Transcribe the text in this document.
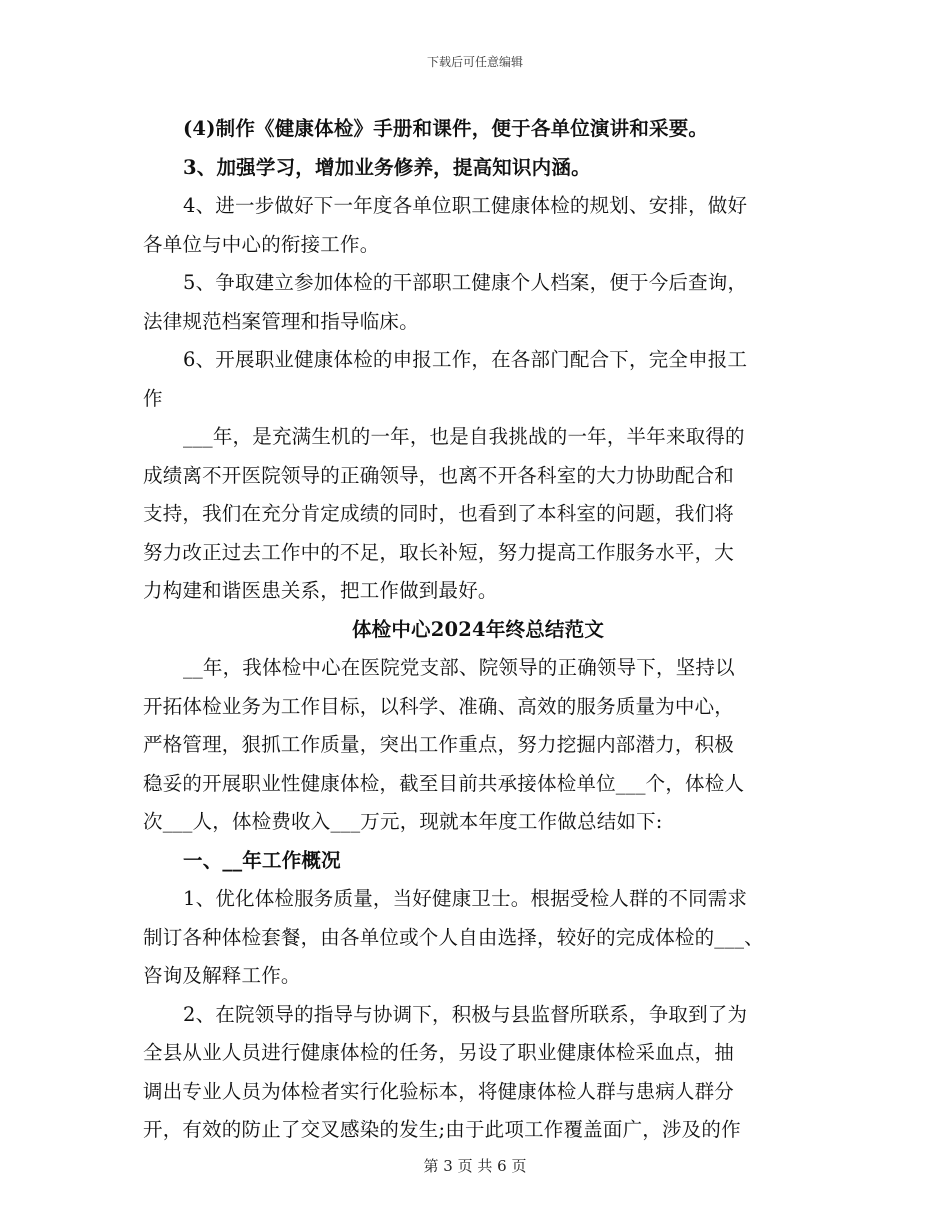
下载后可任意编辑
(4)制作《健康体检》手册和课件，便于各单位演讲和采要。
3、加强学习，增加业务修养，提高知识内涵。
4、进一步做好下一年度各单位职工健康体检的规划、安排，做好
各单位与中心的衔接工作。
5、争取建立参加体检的干部职工健康个人档案，便于今后查询，
法律规范档案管理和指导临床。
6、开展职业健康体检的申报工作，在各部门配合下，完全申报工
作
___年，是充满生机的一年，也是自我挑战的一年，半年来取得的
成绩离不开医院领导的正确领导，也离不开各科室的大力协助配合和
支持，我们在充分肯定成绩的同时，也看到了本科室的问题，我们将
努力改正过去工作中的不足，取长补短，努力提高工作服务水平，大
力构建和谐医患关系，把工作做到最好。
体检中心2024年终总结范文
__年，我体检中心在医院党支部、院领导的正确领导下，坚持以
开拓体检业务为工作目标，以科学、准确、高效的服务质量为中心，
严格管理，狠抓工作质量，突出工作重点，努力挖掘内部潜力，积极
稳妥的开展职业性健康体检，截至目前共承接体检单位___个，体检人
次___人，体检费收入___万元，现就本年度工作做总结如下:
一、__年工作概况
1、优化体检服务质量，当好健康卫士。根据受检人群的不同需求
制订各种体检套餐，由各单位或个人自由选择，较好的完成体检的___、
咨询及解释工作。
2、在院领导的指导与协调下，积极与县监督所联系，争取到了为
全县从业人员进行健康体检的任务，另设了职业健康体检采血点，抽
调出专业人员为体检者实行化验标本，将健康体检人群与患病人群分
开，有效的防止了交叉感染的发生;由于此项工作覆盖面广，涉及的作
第 3 页 共 6 页
